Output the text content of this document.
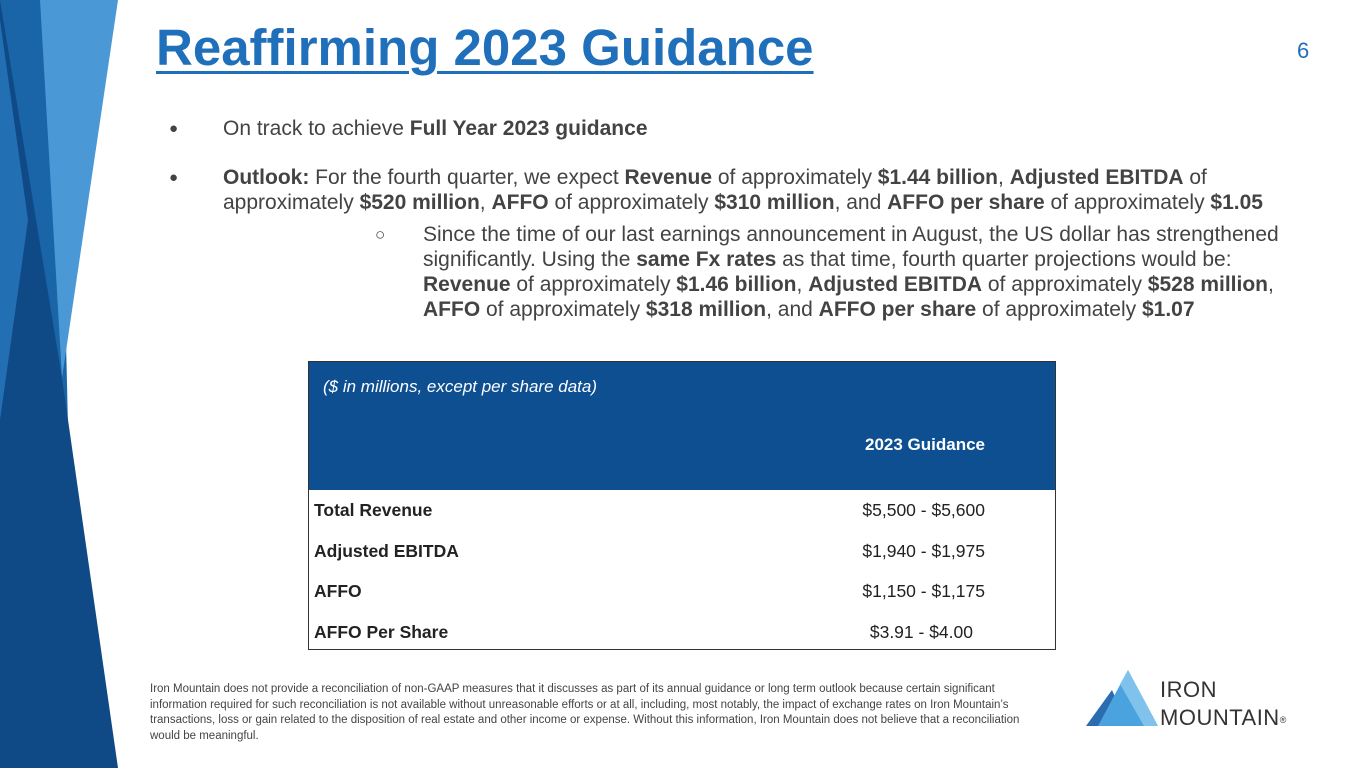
Reaffirming 2023 Guidance	6
● On track to achieve Full Year 2023 guidance
● Outlook: For the fourth quarter, we expect Revenue of approximately $1.44 billion, Adjusted EBITDA of approximately $520 million, AFFO of approximately $310 million, and AFFO per share of approximately $1.05
○ Since the time of our last earnings announcement in August, the US dollar has strengthened significantly. Using the same Fx rates as that time, fourth quarter projections would be: Revenue of approximately $1.46 billion, Adjusted EBITDA of approximately $528 million, AFFO of approximately $318 million, and AFFO per share of approximately $1.07
($ in millions, except per share data)
2023 Guidance
Total Revenue	$5,500 - $5,600
Adjusted EBITDA	$1,940 - $1,975
AFFO	$1,150 - $1,175
AFFO Per Share	$3.91 - $4.00
Iron Mountain does not provide a reconciliation of non-GAAP measures that it discusses as part of its annual guidance or long term outlook because certain significant information required for such reconciliation is not available without unreasonable efforts or at all, including, most notably, the impact of exchange rates on Iron Mountain’s transactions, loss or gain related to the disposition of real estate and other income or expense. Without this information, Iron Mountain does not believe that a reconciliation would be meaningful.
IRON
MOUNTAIN®
